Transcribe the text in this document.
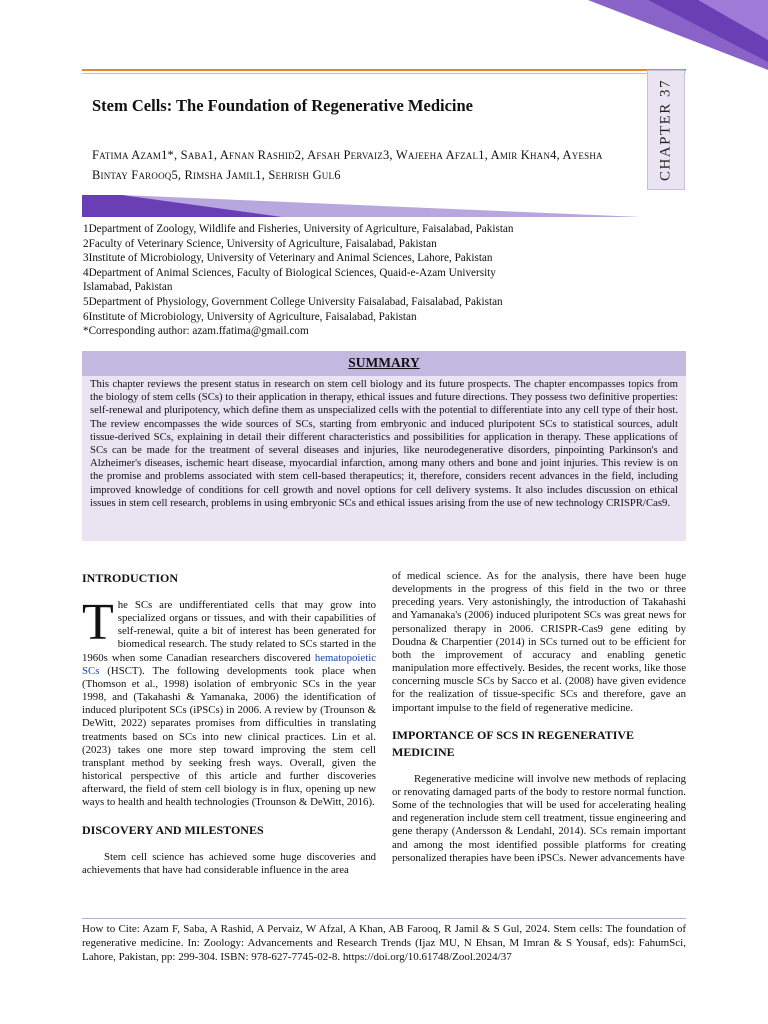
CHAPTER 37
Stem Cells: The Foundation of Regenerative Medicine
Fatima Azam1*, Saba1, Afnan Rashid2, Afsah Pervaiz3, Wajeeha Afzal1, Amir Khan4, Ayesha
Bintay Farooq5, Rimsha Jamil1, Sehrish Gul6
1Department of Zoology, Wildlife and Fisheries, University of Agriculture, Faisalabad, Pakistan
2Faculty of Veterinary Science, University of Agriculture, Faisalabad, Pakistan
3Institute of Microbiology, University of Veterinary and Animal Sciences, Lahore, Pakistan
4Department of Animal Sciences, Faculty of Biological Sciences, Quaid-e-Azam University Islamabad, Pakistan
5Department of Physiology, Government College University Faisalabad, Faisalabad, Pakistan
6Institute of Microbiology, University of Agriculture, Faisalabad, Pakistan
*Corresponding author: azam.ffatima@gmail.com
SUMMARY
This chapter reviews the present status in research on stem cell biology and its future prospects. The chapter encompasses topics from the biology of stem cells (SCs) to their application in therapy, ethical issues and future directions. They possess two definitive properties: self-renewal and pluripotency, which define them as unspecialized cells with the potential to differentiate into any cell type of their host. The review encompasses the wide sources of SCs, starting from embryonic and induced pluripotent SCs to statistical sources, adult tissue-derived SCs, explaining in detail their different characteristics and possibilities for application in therapy. These applications of SCs can be made for the treatment of several diseases and injuries, like neurodegenerative disorders, pinpointing Parkinson's and Alzheimer's diseases, ischemic heart disease, myocardial infarction, among many others and bone and joint injuries. This review is on the promise and problems associated with stem cell-based therapeutics; it, therefore, considers recent advances in the field, including improved knowledge of conditions for cell growth and novel options for cell delivery systems. It also includes discussion on ethical issues in stem cell research, problems in using embryonic SCs and ethical issues arising from the use of new technology CRISPR/Cas9.
INTRODUCTION

The SCs are undifferentiated cells that may grow into specialized organs or tissues, and with their capabilities of self-renewal, quite a bit of interest has been generated for biomedical research. The study related to SCs started in the 1960s when some Canadian researchers discovered hematopoietic SCs (HSCT). The following developments took place when (Thomson et al., 1998) isolation of embryonic SCs in the year 1998, and (Takahashi & Yamanaka, 2006) the identification of induced pluripotent SCs (iPSCs) in 2006. A review by (Trounson & DeWitt, 2022) separates promises from difficulties in translating treatments based on SCs into new clinical practices. Lin et al. (2023) takes one more step toward improving the stem cell transplant method by seeking fresh ways. Overall, given the historical perspective of this article and further discoveries afterward, the field of stem cell biology is in flux, opening up new ways to health and health technologies (Trounson & DeWitt, 2016).

DISCOVERY AND MILESTONES

Stem cell science has achieved some huge discoveries and achievements that have had considerable influence in the area

of medical science. As for the analysis, there have been huge developments in the progress of this field in the two or three preceding years. Very astonishingly, the introduction of Takahashi and Yamanaka's (2006) induced pluripotent SCs was great news for personalized therapy in 2006. CRISPR-Cas9 gene editing by Doudna & Charpentier (2014) in SCs turned out to be efficient for both the improvement of accuracy and enabling genetic manipulation more effectively. Besides, the recent works, like those concerning muscle SCs by Sacco et al. (2008) have given evidence for the realization of tissue-specific SCs and therefore, gave an important impulse to the field of regenerative medicine.

IMPORTANCE OF SCS IN REGENERATIVE MEDICINE

Regenerative medicine will involve new methods of replacing or renovating damaged parts of the body to restore normal function. Some of the technologies that will be used for accelerating healing and regeneration include stem cell treatment, tissue engineering and gene therapy (Andersson & Lendahl, 2014). SCs remain important and among the most identified possible platforms for creating personalized therapies have been iPSCs. Newer advancements have

How to Cite: Azam F, Saba, A Rashid, A Pervaiz, W Afzal, A Khan, AB Farooq, R Jamil & S Gul, 2024. Stem cells: The foundation of regenerative medicine. In: Zoology: Advancements and Research Trends (Ijaz MU, N Ehsan, M Imran & S Yousaf, eds): FahumSci, Lahore, Pakistan, pp: 299-304. ISBN: 978-627-7745-02-8. https://doi.org/10.61748/Zool.2024/37
